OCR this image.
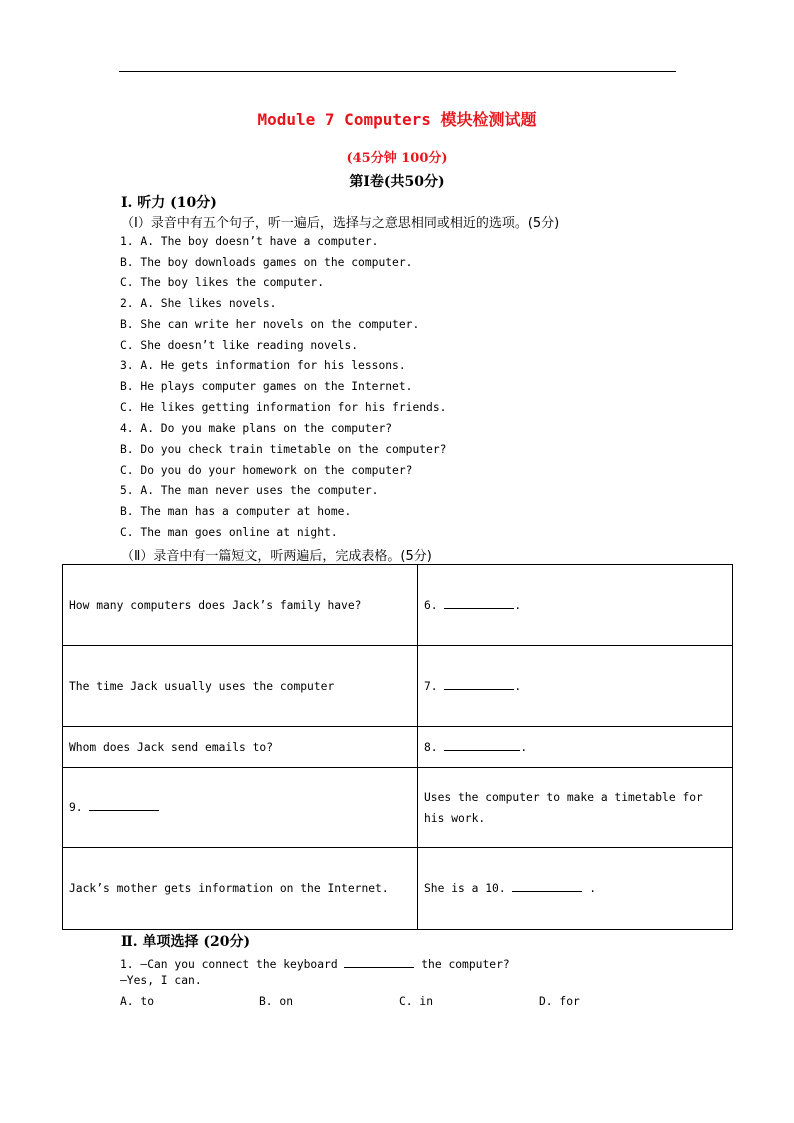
Module 7 Computers 模块检测试题
(45分钟 100分)
第Ⅰ卷(共50分)
Ⅰ. 听力 (10分)
（Ⅰ）录音中有五个句子，听一遍后，选择与之意思相同或相近的选项。(5分)
1. A. The boy doesn’t have a computer.
B. The boy downloads games on the computer.
C. The boy likes the computer.
2. A. She likes novels.
B. She can write her novels on the computer.
C. She doesn’t like reading novels.
3. A. He gets information for his lessons.
B. He plays computer games on the Internet.
C. He likes getting information for his friends.
4. A. Do you make plans on the computer?
B. Do you check train timetable on the computer?
C. Do you do your homework on the computer?
5. A. The man never uses the computer.
B. The man has a computer at home.
C. The man goes online at night.
（Ⅱ）录音中有一篇短文，听两遍后，完成表格。(5分)
How many computers does Jack’s family have?	6. .
The time Jack usually uses the computer	7. .
Whom does Jack send emails to?	8. .
9.	Uses the computer to make a timetable for his work.
Jack’s mother gets information on the Internet.	She is a 10. .
Ⅱ. 单项选择 (20分)
1. —Can you connect the keyboard	the computer?
—Yes, I can.
A. to	B. on	C. in	D. for
